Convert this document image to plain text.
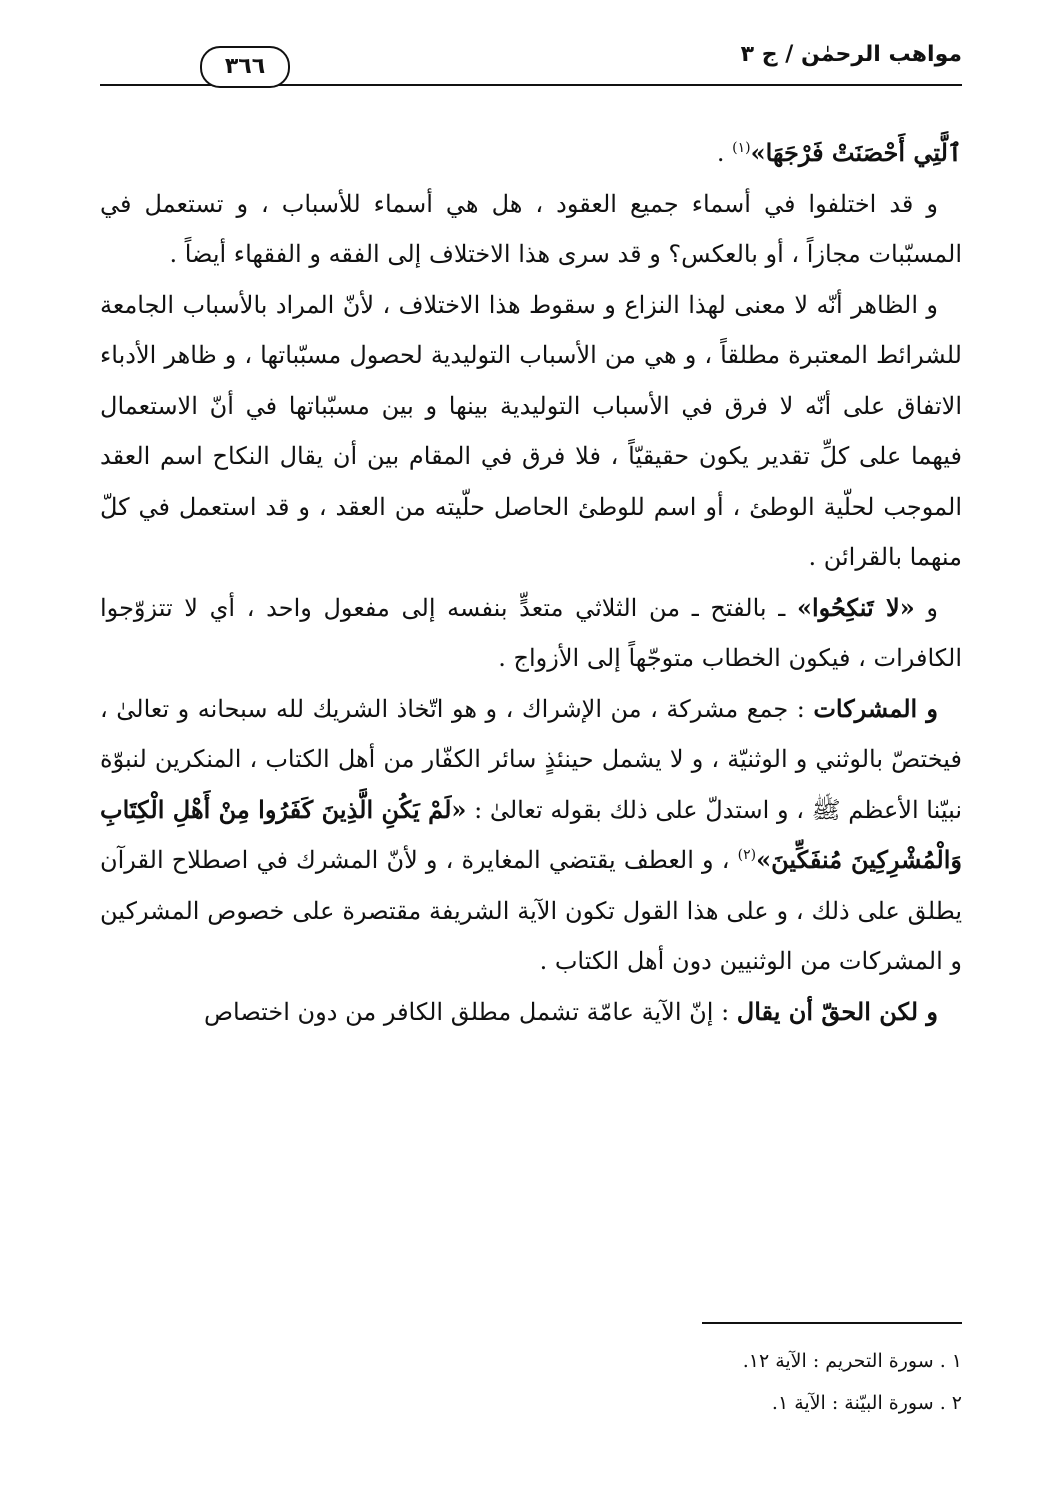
مواهب الرحمٰن / ج ٣
٣٦٦

ٱلَّتِي أَحْصَنَتْ فَرْجَهَا»$^{(١)}$ .

و قد اختلفوا في أسماء جميع العقود ، هل هي أسماء للأسباب ، و تستعمل في المسبّبات مجازاً ، أو بالعكس؟ و قد سرى هذا الاختلاف إلى الفقه و الفقهاء أيضاً .

و الظاهر أنّه لا معنى لهذا النزاع و سقوط هذا الاختلاف ، لأنّ المراد بالأسباب الجامعة للشرائط المعتبرة مطلقاً ، و هي من الأسباب التوليدية لحصول مسبّباتها ، و ظاهر الأدباء الاتفاق على أنّه لا فرق في الأسباب التوليدية بينها و بين مسبّباتها في أنّ الاستعمال فيهما على كلِّ تقدير يكون حقيقيّاً ، فلا فرق في المقام بين أن يقال النكاح اسم العقد الموجب لحلّية الوطئ ، أو اسم للوطئ الحاصل حلّيته من العقد ، و قد استعمل في كلّ منهما بالقرائن .

و «لا تَنكِحُوا» ـ بالفتح ـ من الثلاثي متعدٍّ بنفسه إلى مفعول واحد ، أي لا تتزوّجوا الكافرات ، فيكون الخطاب متوجّهاً إلى الأزواج .

و المشركات : جمع مشركة ، من الإشراك ، و هو اتّخاذ الشريك لله سبحانه و تعالىٰ ، فيختصّ بالوثني و الوثنيّة ، و لا يشمل حينئذٍ سائر الكفّار من أهل الكتاب ، المنكرين لنبوّة نبيّنا الأعظم ﷺ ، و استدلّ على ذلك بقوله تعالىٰ : «لَمْ يَكُنِ الَّذِينَ كَفَرُوا مِنْ أَهْلِ الْكِتَابِ وَالْمُشْرِكِينَ مُنفَكِّينَ»$^{(٢)}$ ، و العطف يقتضي المغايرة ، و لأنّ المشرك في اصطلاح القرآن يطلق على ذلك ، و على هذا القول تكون الآية الشريفة مقتصرة على خصوص المشركين و المشركات من الوثنيين دون أهل الكتاب .

و لكن الحقّ أن يقال : إنّ الآية عامّة تشمل مطلق الكافر من دون اختصاص

١ . سورة التحريم : الآية ١٢.

٢ . سورة البيّنة : الآية ١.
